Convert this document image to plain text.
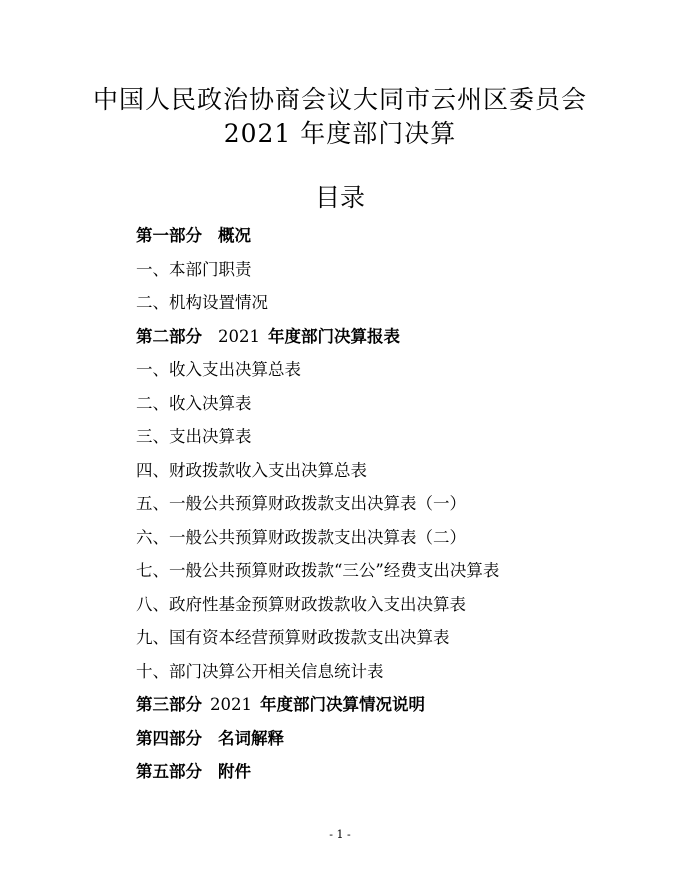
中国人民政治协商会议大同市云州区委员会
2021 年度部门决算
目录
第一部分 概况
一、本部门职责
二、机构设置情况
第二部分 2021 年度部门决算报表
一、收入支出决算总表
二、收入决算表
三、支出决算表
四、财政拨款收入支出决算总表
五、一般公共预算财政拨款支出决算表（一）
六、一般公共预算财政拨款支出决算表（二）
七、一般公共预算财政拨款“三公”经费支出决算表
八、政府性基金预算财政拨款收入支出决算表
九、国有资本经营预算财政拨款支出决算表
十、部门决算公开相关信息统计表
第三部分 2021 年度部门决算情况说明
第四部分 名词解释
第五部分 附件
- 1 -
